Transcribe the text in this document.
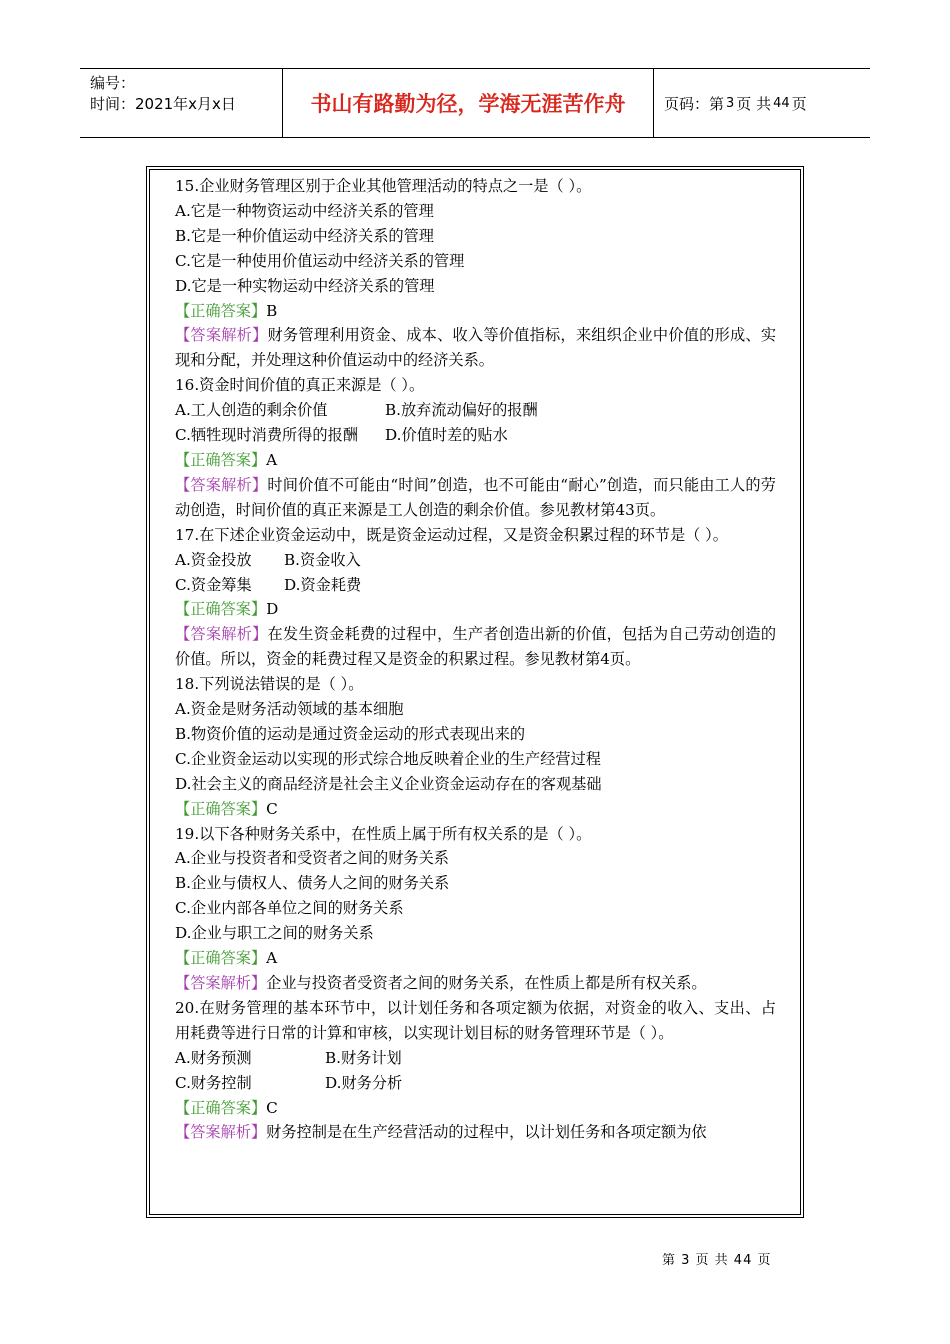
编号：
时间：2021年x月x日	书山有路勤为径，学海无涯苦作舟	页码：第 3 页 共 44 页
15.企业财务管理区别于企业其他管理活动的特点之一是（ ）。
A.它是一种物资运动中经济关系的管理
B.它是一种价值运动中经济关系的管理
C.它是一种使用价值运动中经济关系的管理
D.它是一种实物运动中经济关系的管理
【正确答案】B
【答案解析】财务管理利用资金、成本、收入等价值指标，来组织企业中价值的形成、实现和分配，并处理这种价值运动中的经济关系。
16.资金时间价值的真正来源是（ ）。
A.工人创造的剩余价值	B.放弃流动偏好的报酬
C.牺牲现时消费所得的报酬 D.价值时差的贴水
【正确答案】A
【答案解析】时间价值不可能由“时间”创造，也不可能由“耐心”创造，而只能由工人的劳动创造，时间价值的真正来源是工人创造的剩余价值。参见教材第43页。
17.在下述企业资金运动中，既是资金运动过程，又是资金积累过程的环节是（ ）。
A.资金投放 B.资金收入
C.资金筹集 D.资金耗费
【正确答案】D
【答案解析】在发生资金耗费的过程中，生产者创造出新的价值，包括为自己劳动创造的价值。所以，资金的耗费过程又是资金的积累过程。参见教材第4页。
18.下列说法错误的是（ ）。
A.资金是财务活动领域的基本细胞
B.物资价值的运动是通过资金运动的形式表现出来的
C.企业资金运动以实现的形式综合地反映着企业的生产经营过程
D.社会主义的商品经济是社会主义企业资金运动存在的客观基础
【正确答案】C
19.以下各种财务关系中，在性质上属于所有权关系的是（ ）。
A.企业与投资者和受资者之间的财务关系
B.企业与债权人、债务人之间的财务关系
C.企业内部各单位之间的财务关系
D.企业与职工之间的财务关系
【正确答案】A
【答案解析】企业与投资者受资者之间的财务关系，在性质上都是所有权关系。
20.在财务管理的基本环节中，以计划任务和各项定额为依据，对资金的收入、支出、占用耗费等进行日常的计算和审核，以实现计划目标的财务管理环节是（ ）。
A.财务预测	B.财务计划
C.财务控制	D.财务分析
【正确答案】C
【答案解析】财务控制是在生产经营活动的过程中，以计划任务和各项定额为依
第 3 页 共 44 页
